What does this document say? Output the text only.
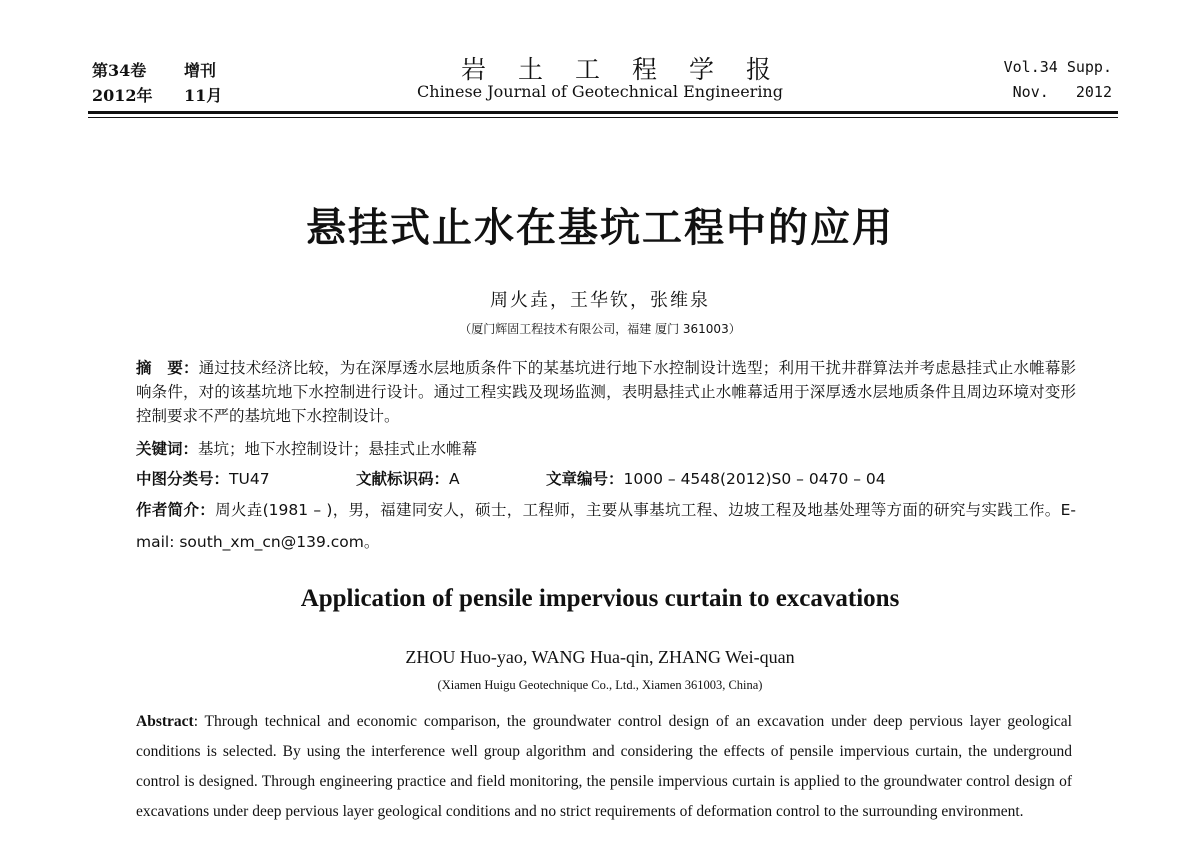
第34卷 增刊
2012年 11月
岩土工程学报
Chinese Journal of Geotechnical Engineering
Vol.34 Supp.
Nov.   2012
悬挂式止水在基坑工程中的应用
周火垚，王华钦，张维泉
（厦门辉固工程技术有限公司，福建 厦门 361003）
摘　要：通过技术经济比较，为在深厚透水层地质条件下的某基坑进行地下水控制设计选型；利用干扰井群算法并考虑悬挂式止水帷幕影响条件，对的该基坑地下水控制进行设计。通过工程实践及现场监测，表明悬挂式止水帷幕适用于深厚透水层地质条件且周边环境对变形控制要求不严的基坑地下水控制设计。
关键词：基坑；地下水控制设计；悬挂式止水帷幕
中图分类号：TU47	文献标识码：A	文章编号：1000 – 4548(2012)S0 – 0470 – 04
作者简介：周火垚(1981 – )，男，福建同安人，硕士，工程师，主要从事基坑工程、边坡工程及地基处理等方面的研究与实践工作。E-mail: south_xm_cn@139.com。
Application of pensile impervious curtain to excavations
ZHOU Huo-yao, WANG Hua-qin, ZHANG Wei-quan
(Xiamen Huigu Geotechnique Co., Ltd., Xiamen 361003, China)
Abstract: Through technical and economic comparison, the groundwater control design of an excavation under deep pervious layer geological conditions is selected. By using the interference well group algorithm and considering the effects of pensile impervious curtain, the underground control is designed. Through engineering practice and field monitoring, the pensile impervious curtain is applied to the groundwater control design of excavations under deep pervious layer geological conditions and no strict requirements of deformation control to the surrounding environment.
